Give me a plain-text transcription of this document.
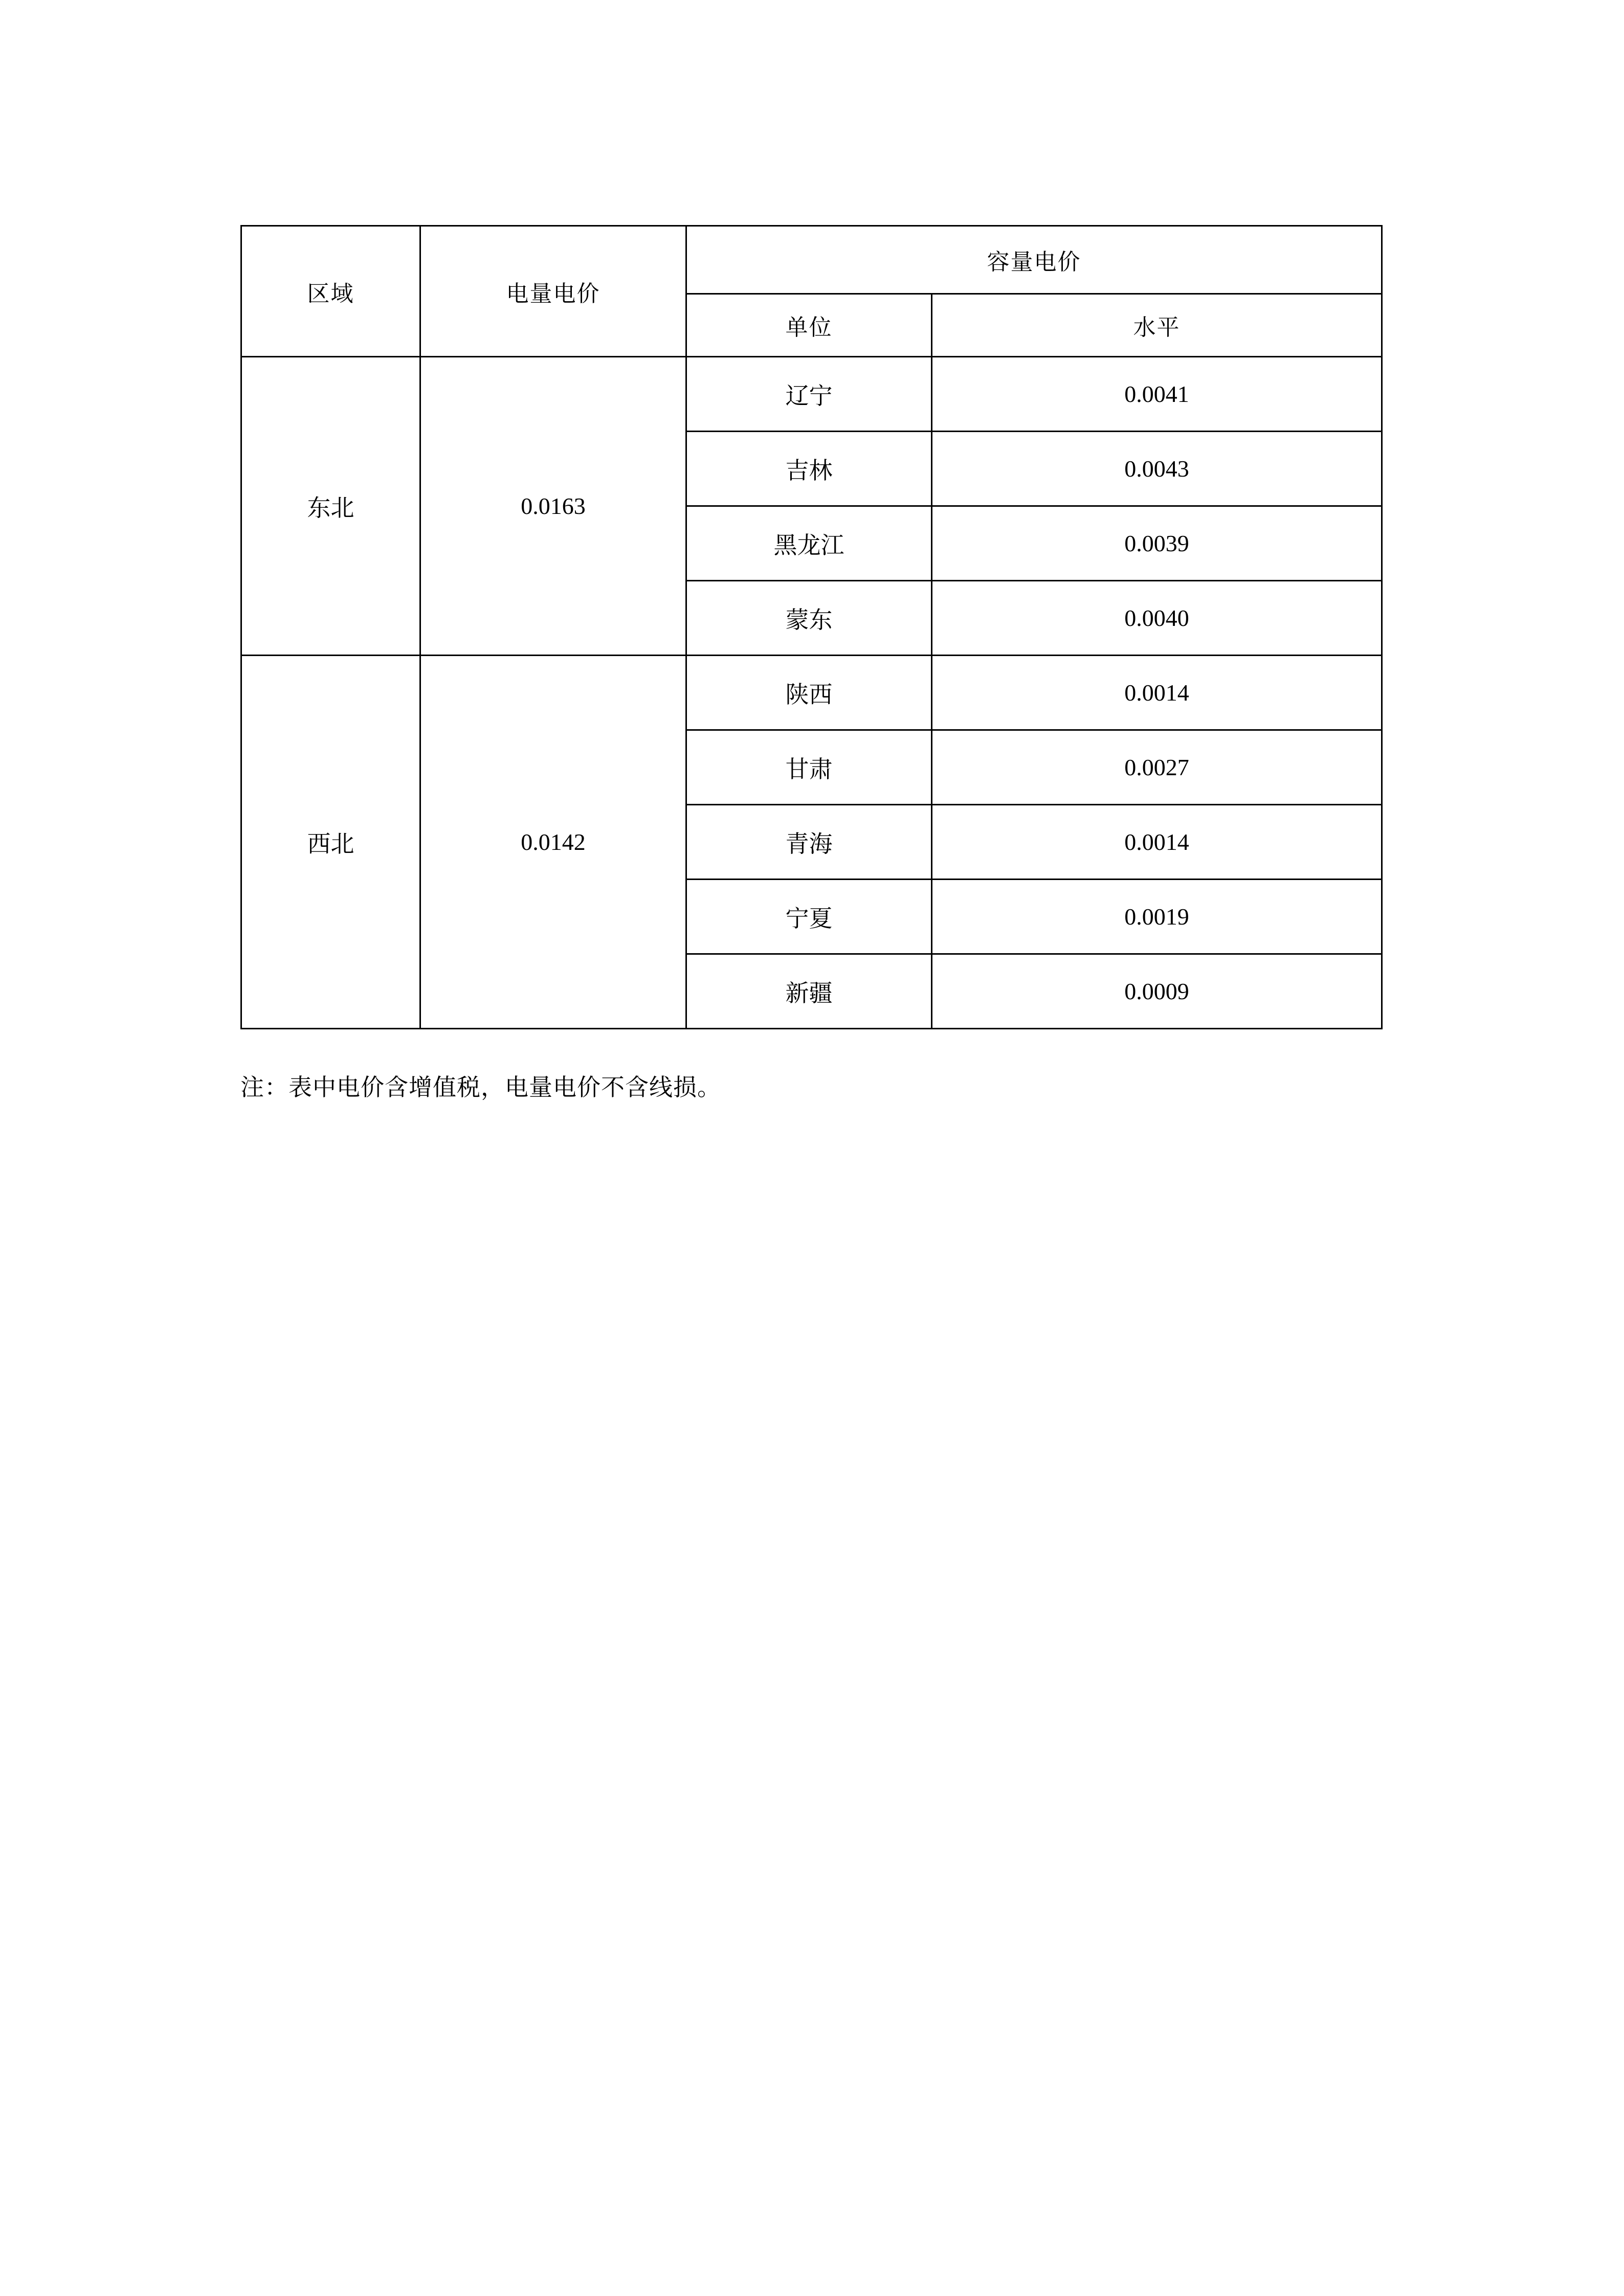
区域	电量电价	容量电价	
		单位	水平
东北	0.0163	辽宁	0.0041
		吉林	0.0043
		黑龙江	0.0039
		蒙东	0.0040
西北	0.0142	陕西	0.0014
		甘肃	0.0027
		青海	0.0014
		宁夏	0.0019
		新疆	0.0009
注：表中电价含增值税，电量电价不含线损。
